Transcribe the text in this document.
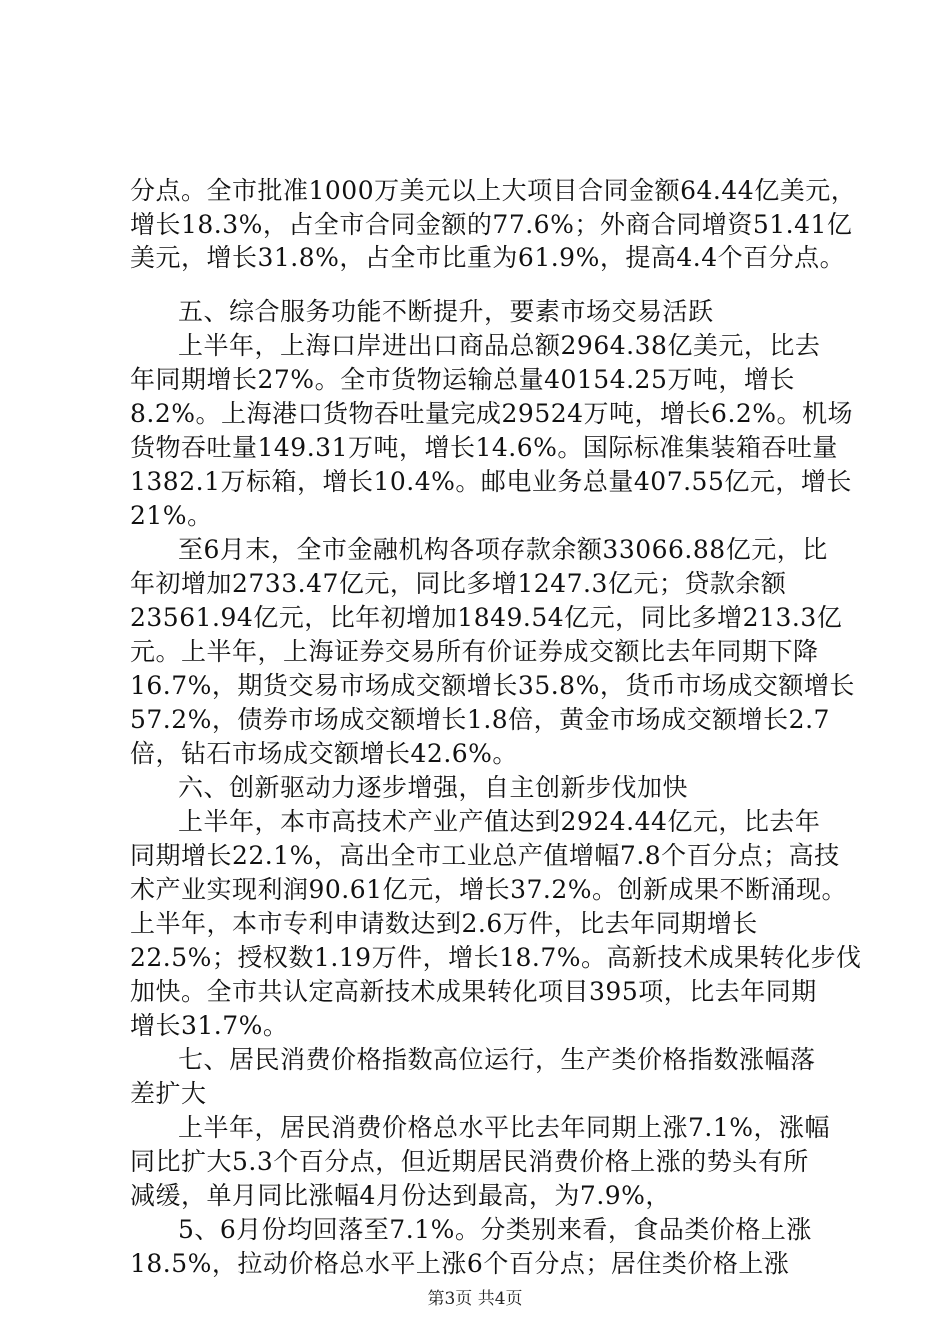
分点。全市批准1000万美元以上大项目合同金额64.44亿美元，
增长18.3%，占全市合同金额的77.6%；外商合同增资51.41亿
美元，增长31.8%，占全市比重为61.9%，提高4.4个百分点。
五、综合服务功能不断提升，要素市场交易活跃
上半年，上海口岸进出口商品总额2964.38亿美元，比去
年同期增长27%。全市货物运输总量40154.25万吨，增长
8.2%。上海港口货物吞吐量完成29524万吨，增长6.2%。机场
货物吞吐量149.31万吨，增长14.6%。国际标准集装箱吞吐量
1382.1万标箱，增长10.4%。邮电业务总量407.55亿元，增长
21%。
至6月末，全市金融机构各项存款余额33066.88亿元，比
年初增加2733.47亿元，同比多增1247.3亿元；贷款余额
23561.94亿元，比年初增加1849.54亿元，同比多增213.3亿
元。上半年，上海证券交易所有价证券成交额比去年同期下降
16.7%，期货交易市场成交额增长35.8%，货币市场成交额增长
57.2%，债券市场成交额增长1.8倍，黄金市场成交额增长2.7
倍，钻石市场成交额增长42.6%。
六、创新驱动力逐步增强，自主创新步伐加快
上半年，本市高技术产业产值达到2924.44亿元，比去年
同期增长22.1%，高出全市工业总产值增幅7.8个百分点；高技
术产业实现利润90.61亿元，增长37.2%。创新成果不断涌现。
上半年，本市专利申请数达到2.6万件，比去年同期增长
22.5%；授权数1.19万件，增长18.7%。高新技术成果转化步伐
加快。全市共认定高新技术成果转化项目395项，比去年同期
增长31.7%。
七、居民消费价格指数高位运行，生产类价格指数涨幅落
差扩大
上半年，居民消费价格总水平比去年同期上涨7.1%，涨幅
同比扩大5.3个百分点，但近期居民消费价格上涨的势头有所
减缓，单月同比涨幅4月份达到最高，为7.9%，
5、6月份均回落至7.1%。分类别来看，食品类价格上涨
18.5%，拉动价格总水平上涨6个百分点；居住类价格上涨
第3页 共4页
